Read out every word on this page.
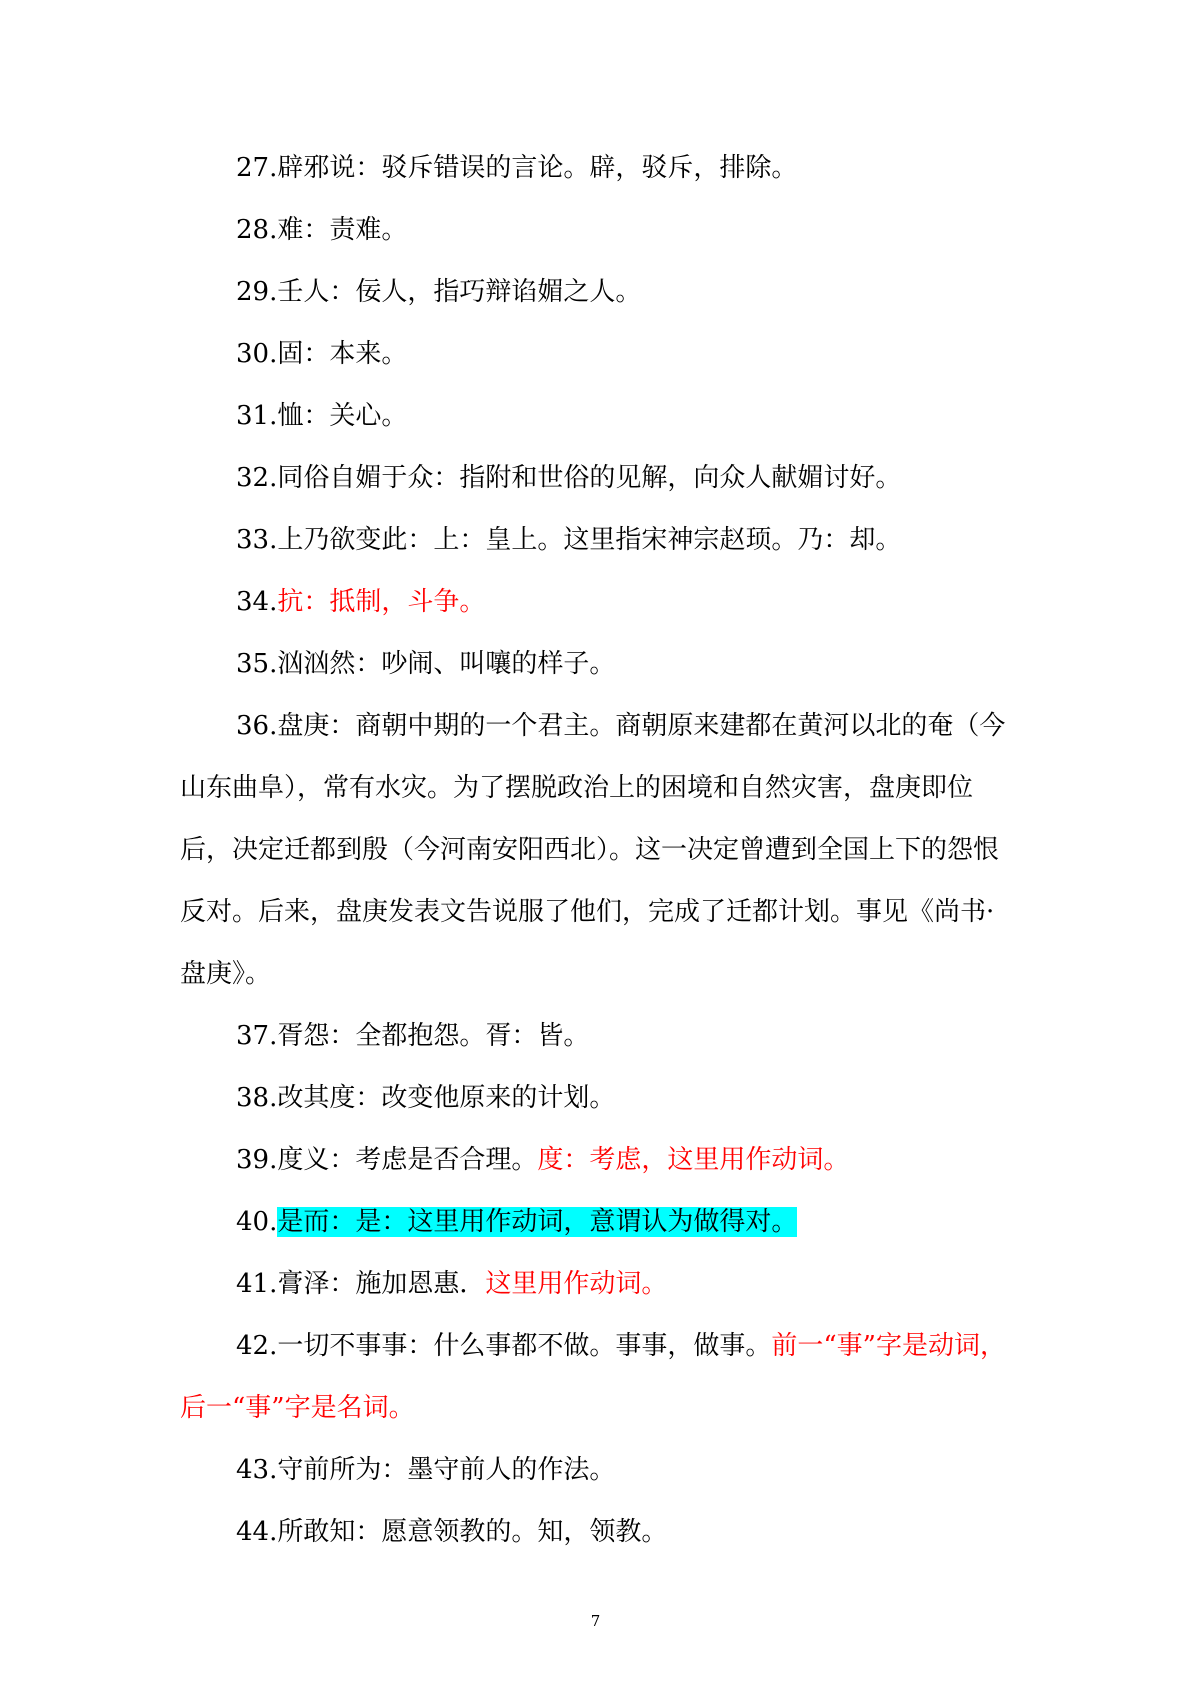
27.辟邪说：驳斥错误的言论。辟，驳斥，排除。

28.难：责难。

29.壬人：佞人，指巧辩谄媚之人。

30.固：本来。

31.恤：关心。

32.同俗自媚于众：指附和世俗的见解，向众人献媚讨好。

33.上乃欲变此：上：皇上。这里指宋神宗赵顼。乃：却。

34.抗：抵制，斗争。

35.汹汹然：吵闹、叫嚷的样子。

36.盘庚：商朝中期的一个君主。商朝原来建都在黄河以北的奄（今山东曲阜），常有水灾。为了摆脱政治上的困境和自然灾害，盘庚即位后，决定迁都到殷（今河南安阳西北）。这一决定曾遭到全国上下的怨恨反对。后来，盘庚发表文告说服了他们，完成了迁都计划。事见《尚书·盘庚》。

37.胥怨：全都抱怨。胥：皆。

38.改其度：改变他原来的计划。

39.度义：考虑是否合理。度：考虑，这里用作动词。

40.是而：是：这里用作动词，意谓认为做得对。

41.膏泽：施加恩惠．这里用作动词。

42.一切不事事：什么事都不做。事事，做事。前一“事”字是动词，后一“事”字是名词。

43.守前所为：墨守前人的作法。

44.所敢知：愿意领教的。知，领教。

7
